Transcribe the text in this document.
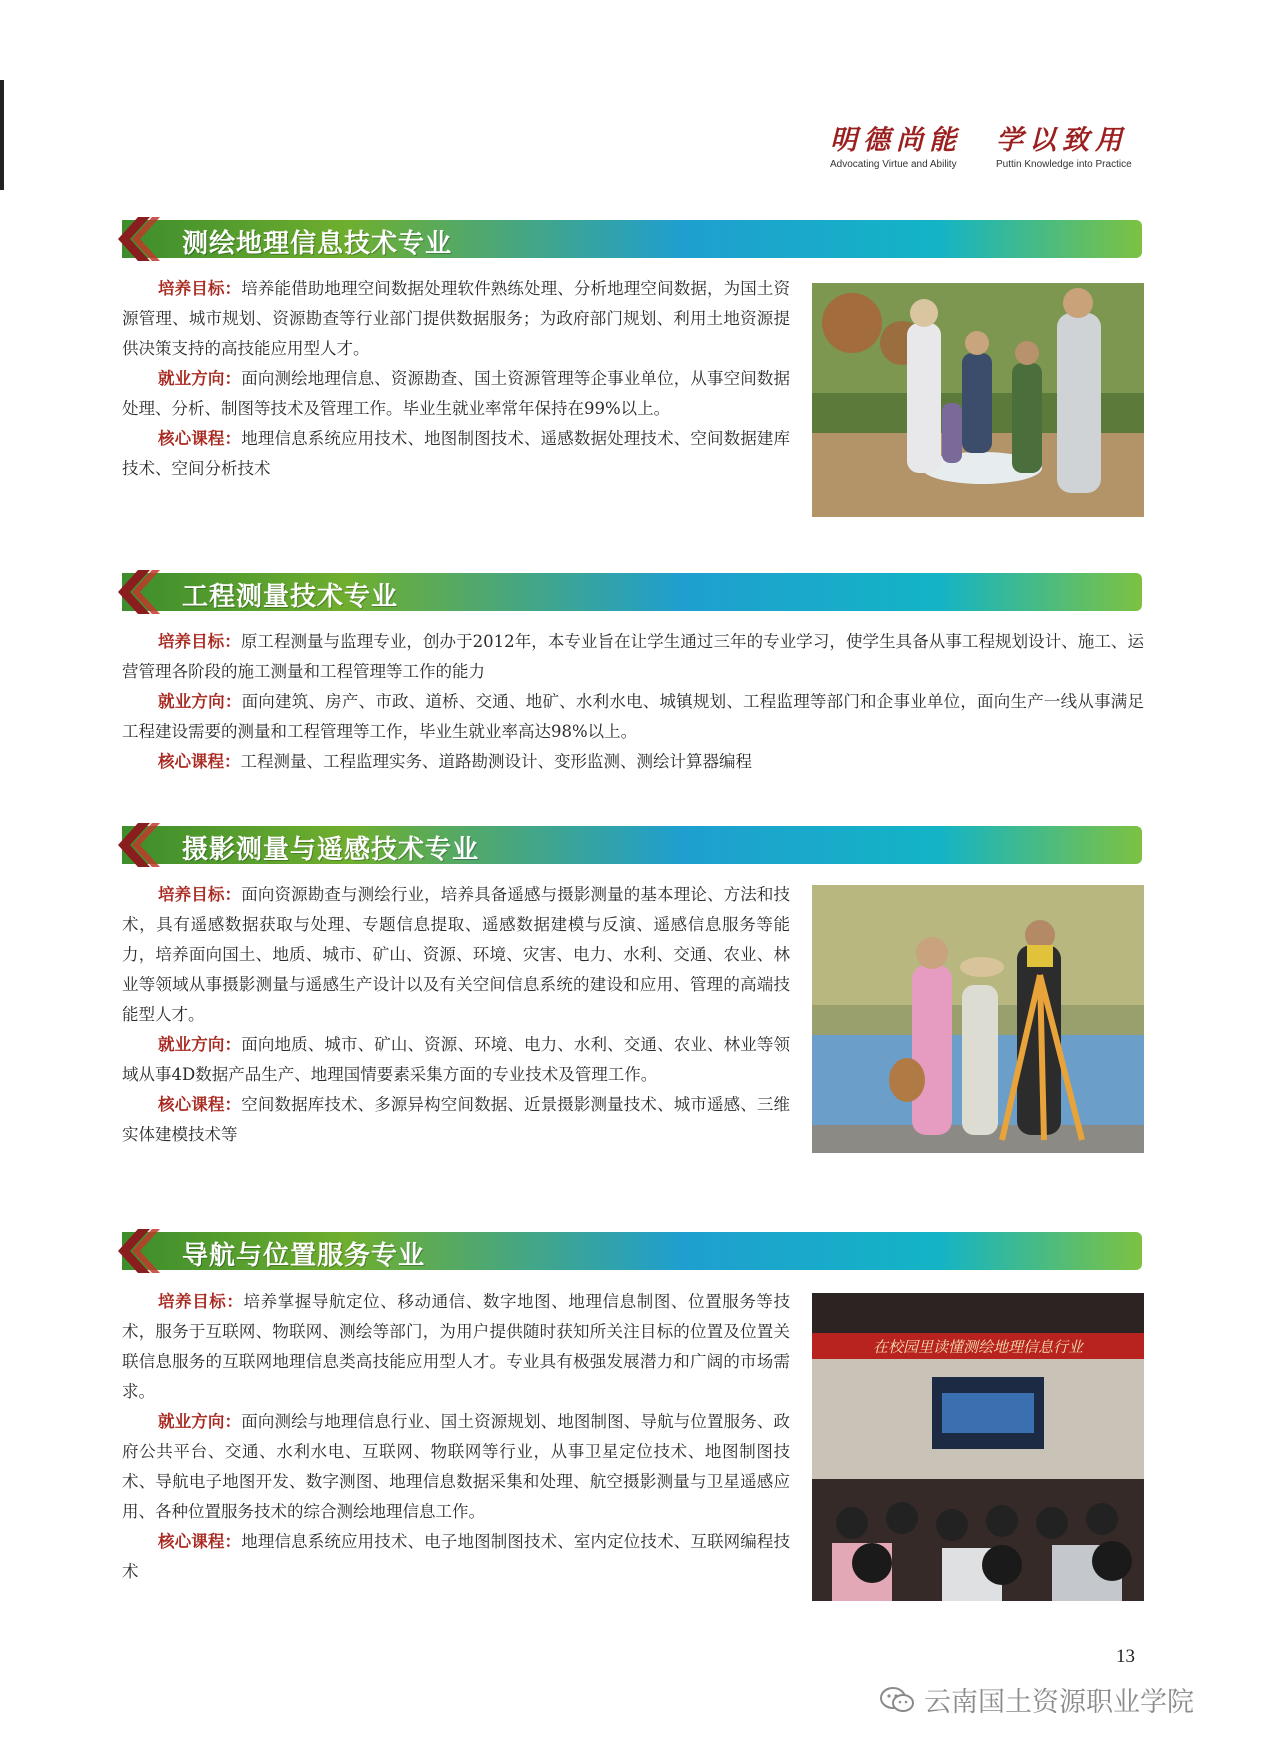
明德尚能
Advocating Virtue and Ability
学以致用
Puttin Knowledge into Practice
测绘地理信息技术专业

培养目标：培养能借助地理空间数据处理软件熟练处理、分析地理空间数据，为国土资源管理、城市规划、资源勘查等行业部门提供数据服务；为政府部门规划、利用土地资源提供决策支持的高技能应用型人才。

就业方向：面向测绘地理信息、资源勘查、国土资源管理等企事业单位，从事空间数据处理、分析、制图等技术及管理工作。毕业生就业率常年保持在99%以上。

核心课程：地理信息系统应用技术、地图制图技术、遥感数据处理技术、空间数据建库技术、空间分析技术

工程测量技术专业

培养目标：原工程测量与监理专业，创办于2012年，本专业旨在让学生通过三年的专业学习，使学生具备从事工程规划设计、施工、运营管理各阶段的施工测量和工程管理等工作的能力

就业方向：面向建筑、房产、市政、道桥、交通、地矿、水利水电、城镇规划、工程监理等部门和企事业单位，面向生产一线从事满足工程建设需要的测量和工程管理等工作，毕业生就业率高达98%以上。

核心课程：工程测量、工程监理实务、道路勘测设计、变形监测、测绘计算器编程

摄影测量与遥感技术专业

培养目标：面向资源勘查与测绘行业，培养具备遥感与摄影测量的基本理论、方法和技术，具有遥感数据获取与处理、专题信息提取、遥感数据建模与反演、遥感信息服务等能力，培养面向国土、地质、城市、矿山、资源、环境、灾害、电力、水利、交通、农业、林业等领域从事摄影测量与遥感生产设计以及有关空间信息系统的建设和应用、管理的高端技能型人才。

就业方向：面向地质、城市、矿山、资源、环境、电力、水利、交通、农业、林业等领域从事4D数据产品生产、地理国情要素采集方面的专业技术及管理工作。

核心课程：空间数据库技术、多源异构空间数据、近景摄影测量技术、城市遥感、三维实体建模技术等

导航与位置服务专业

培养目标：培养掌握导航定位、移动通信、数字地图、地理信息制图、位置服务等技术，服务于互联网、物联网、测绘等部门，为用户提供随时获知所关注目标的位置及位置关联信息服务的互联网地理信息类高技能应用型人才。专业具有极强发展潜力和广阔的市场需求。

就业方向：面向测绘与地理信息行业、国土资源规划、地图制图、导航与位置服务、政府公共平台、交通、水利水电、互联网、物联网等行业，从事卫星定位技术、地图制图技术、导航电子地图开发、数字测图、地理信息数据采集和处理、航空摄影测量与卫星遥感应用、各种位置服务技术的综合测绘地理信息工作。

核心课程：地理信息系统应用技术、电子地图制图技术、室内定位技术、互联网编程技术

在校园里读懂测绘地理信息行业
13
云南国土资源职业学院
